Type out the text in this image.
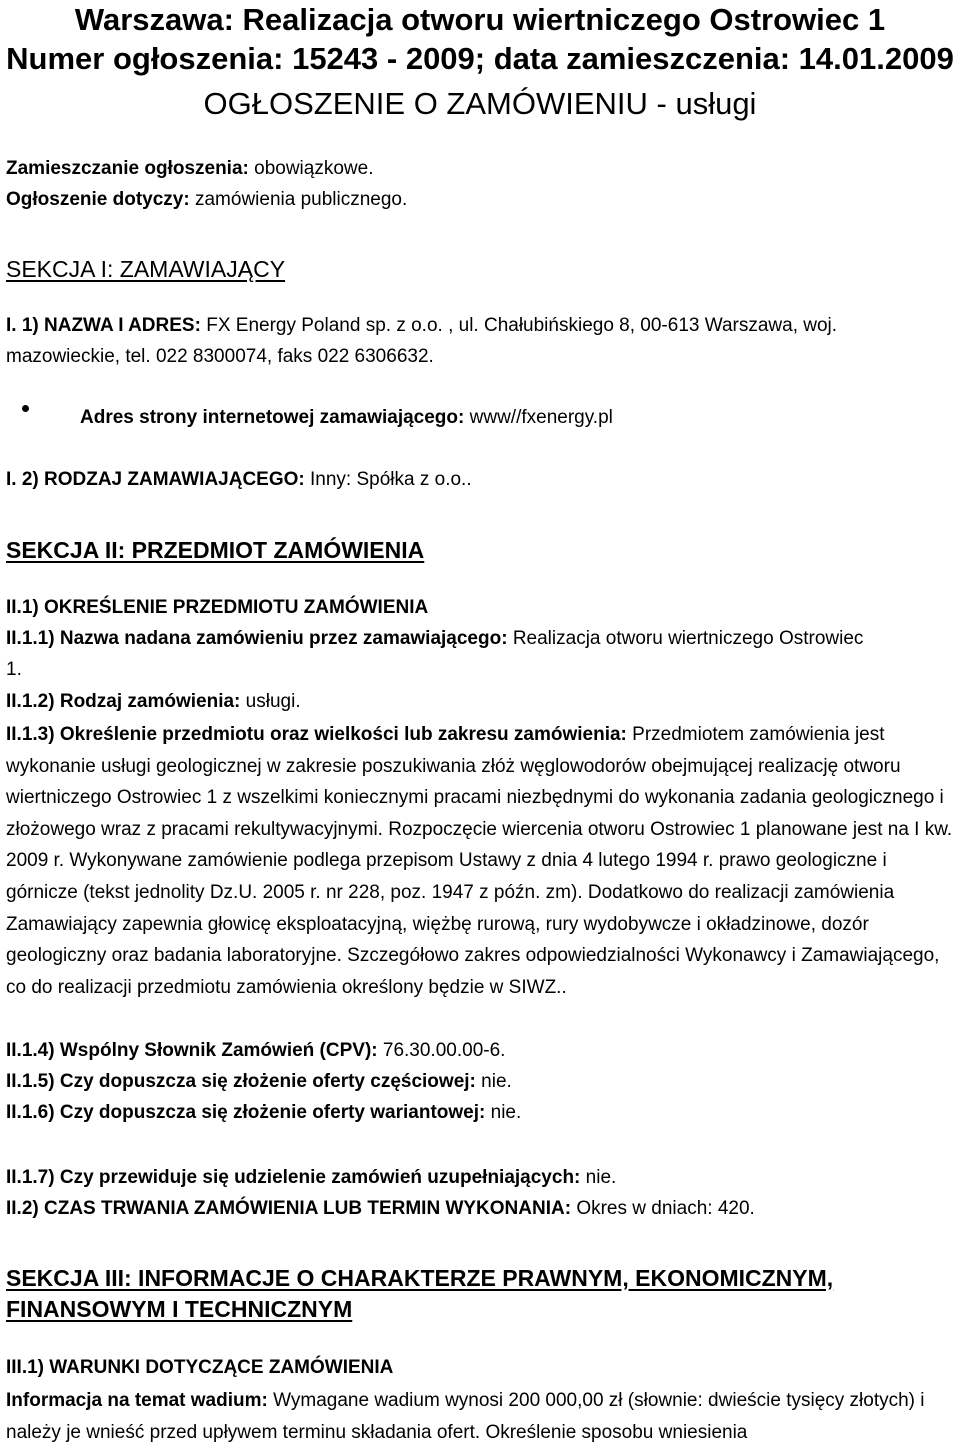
Warszawa: Realizacja otworu wiertniczego Ostrowiec 1
Numer ogłoszenia: 15243 - 2009; data zamieszczenia: 14.01.2009
OGŁOSZENIE O ZAMÓWIENIU - usługi
Zamieszczanie ogłoszenia: obowiązkowe.
Ogłoszenie dotyczy: zamówienia publicznego.
SEKCJA I: ZAMAWIAJĄCY
I. 1) NAZWA I ADRES: FX Energy Poland sp. z o.o. , ul. Chałubińskiego 8, 00-613 Warszawa, woj.
mazowieckie, tel. 022 8300074, faks 022 6306632.
Adres strony internetowej zamawiającego: www//fxenergy.pl
I. 2) RODZAJ ZAMAWIAJĄCEGO: Inny: Spółka z o.o..
SEKCJA II: PRZEDMIOT ZAMÓWIENIA
II.1) OKREŚLENIE PRZEDMIOTU ZAMÓWIENIA
II.1.1) Nazwa nadana zamówieniu przez zamawiającego: Realizacja otworu wiertniczego Ostrowiec
1.
II.1.2) Rodzaj zamówienia: usługi.
II.1.3) Określenie przedmiotu oraz wielkości lub zakresu zamówienia: Przedmiotem zamówienia jest wykonanie usługi geologicznej w zakresie poszukiwania złóż węglowodorów obejmującej realizację otworu wiertniczego Ostrowiec 1 z wszelkimi koniecznymi pracami niezbędnymi do wykonania zadania geologicznego i złożowego wraz z pracami rekultywacyjnymi. Rozpoczęcie wiercenia otworu Ostrowiec 1 planowane jest na I kw. 2009 r. Wykonywane zamówienie podlega przepisom Ustawy z dnia 4 lutego 1994 r. prawo geologiczne i górnicze (tekst jednolity Dz.U. 2005 r. nr 228, poz. 1947 z późn. zm). Dodatkowo do realizacji zamówienia Zamawiający zapewnia głowicę eksploatacyjną, więżbę rurową, rury wydobywcze i okładzinowe, dozór geologiczny oraz badania laboratoryjne. Szczegółowo zakres odpowiedzialności Wykonawcy i Zamawiającego, co do realizacji przedmiotu zamówienia określony będzie w SIWZ..
II.1.4) Wspólny Słownik Zamówień (CPV): 76.30.00.00-6.
II.1.5) Czy dopuszcza się złożenie oferty częściowej: nie.
II.1.6) Czy dopuszcza się złożenie oferty wariantowej: nie.
II.1.7) Czy przewiduje się udzielenie zamówień uzupełniających: nie.
II.2) CZAS TRWANIA ZAMÓWIENIA LUB TERMIN WYKONANIA: Okres w dniach: 420.
SEKCJA III: INFORMACJE O CHARAKTERZE PRAWNYM, EKONOMICZNYM,
FINANSOWYM I TECHNICZNYM
III.1) WARUNKI DOTYCZĄCE ZAMÓWIENIA
Informacja na temat wadium: Wymagane wadium wynosi 200 000,00 zł (słownie: dwieście tysięcy złotych) i należy je wnieść przed upływem terminu składania ofert. Określenie sposobu wniesienia
